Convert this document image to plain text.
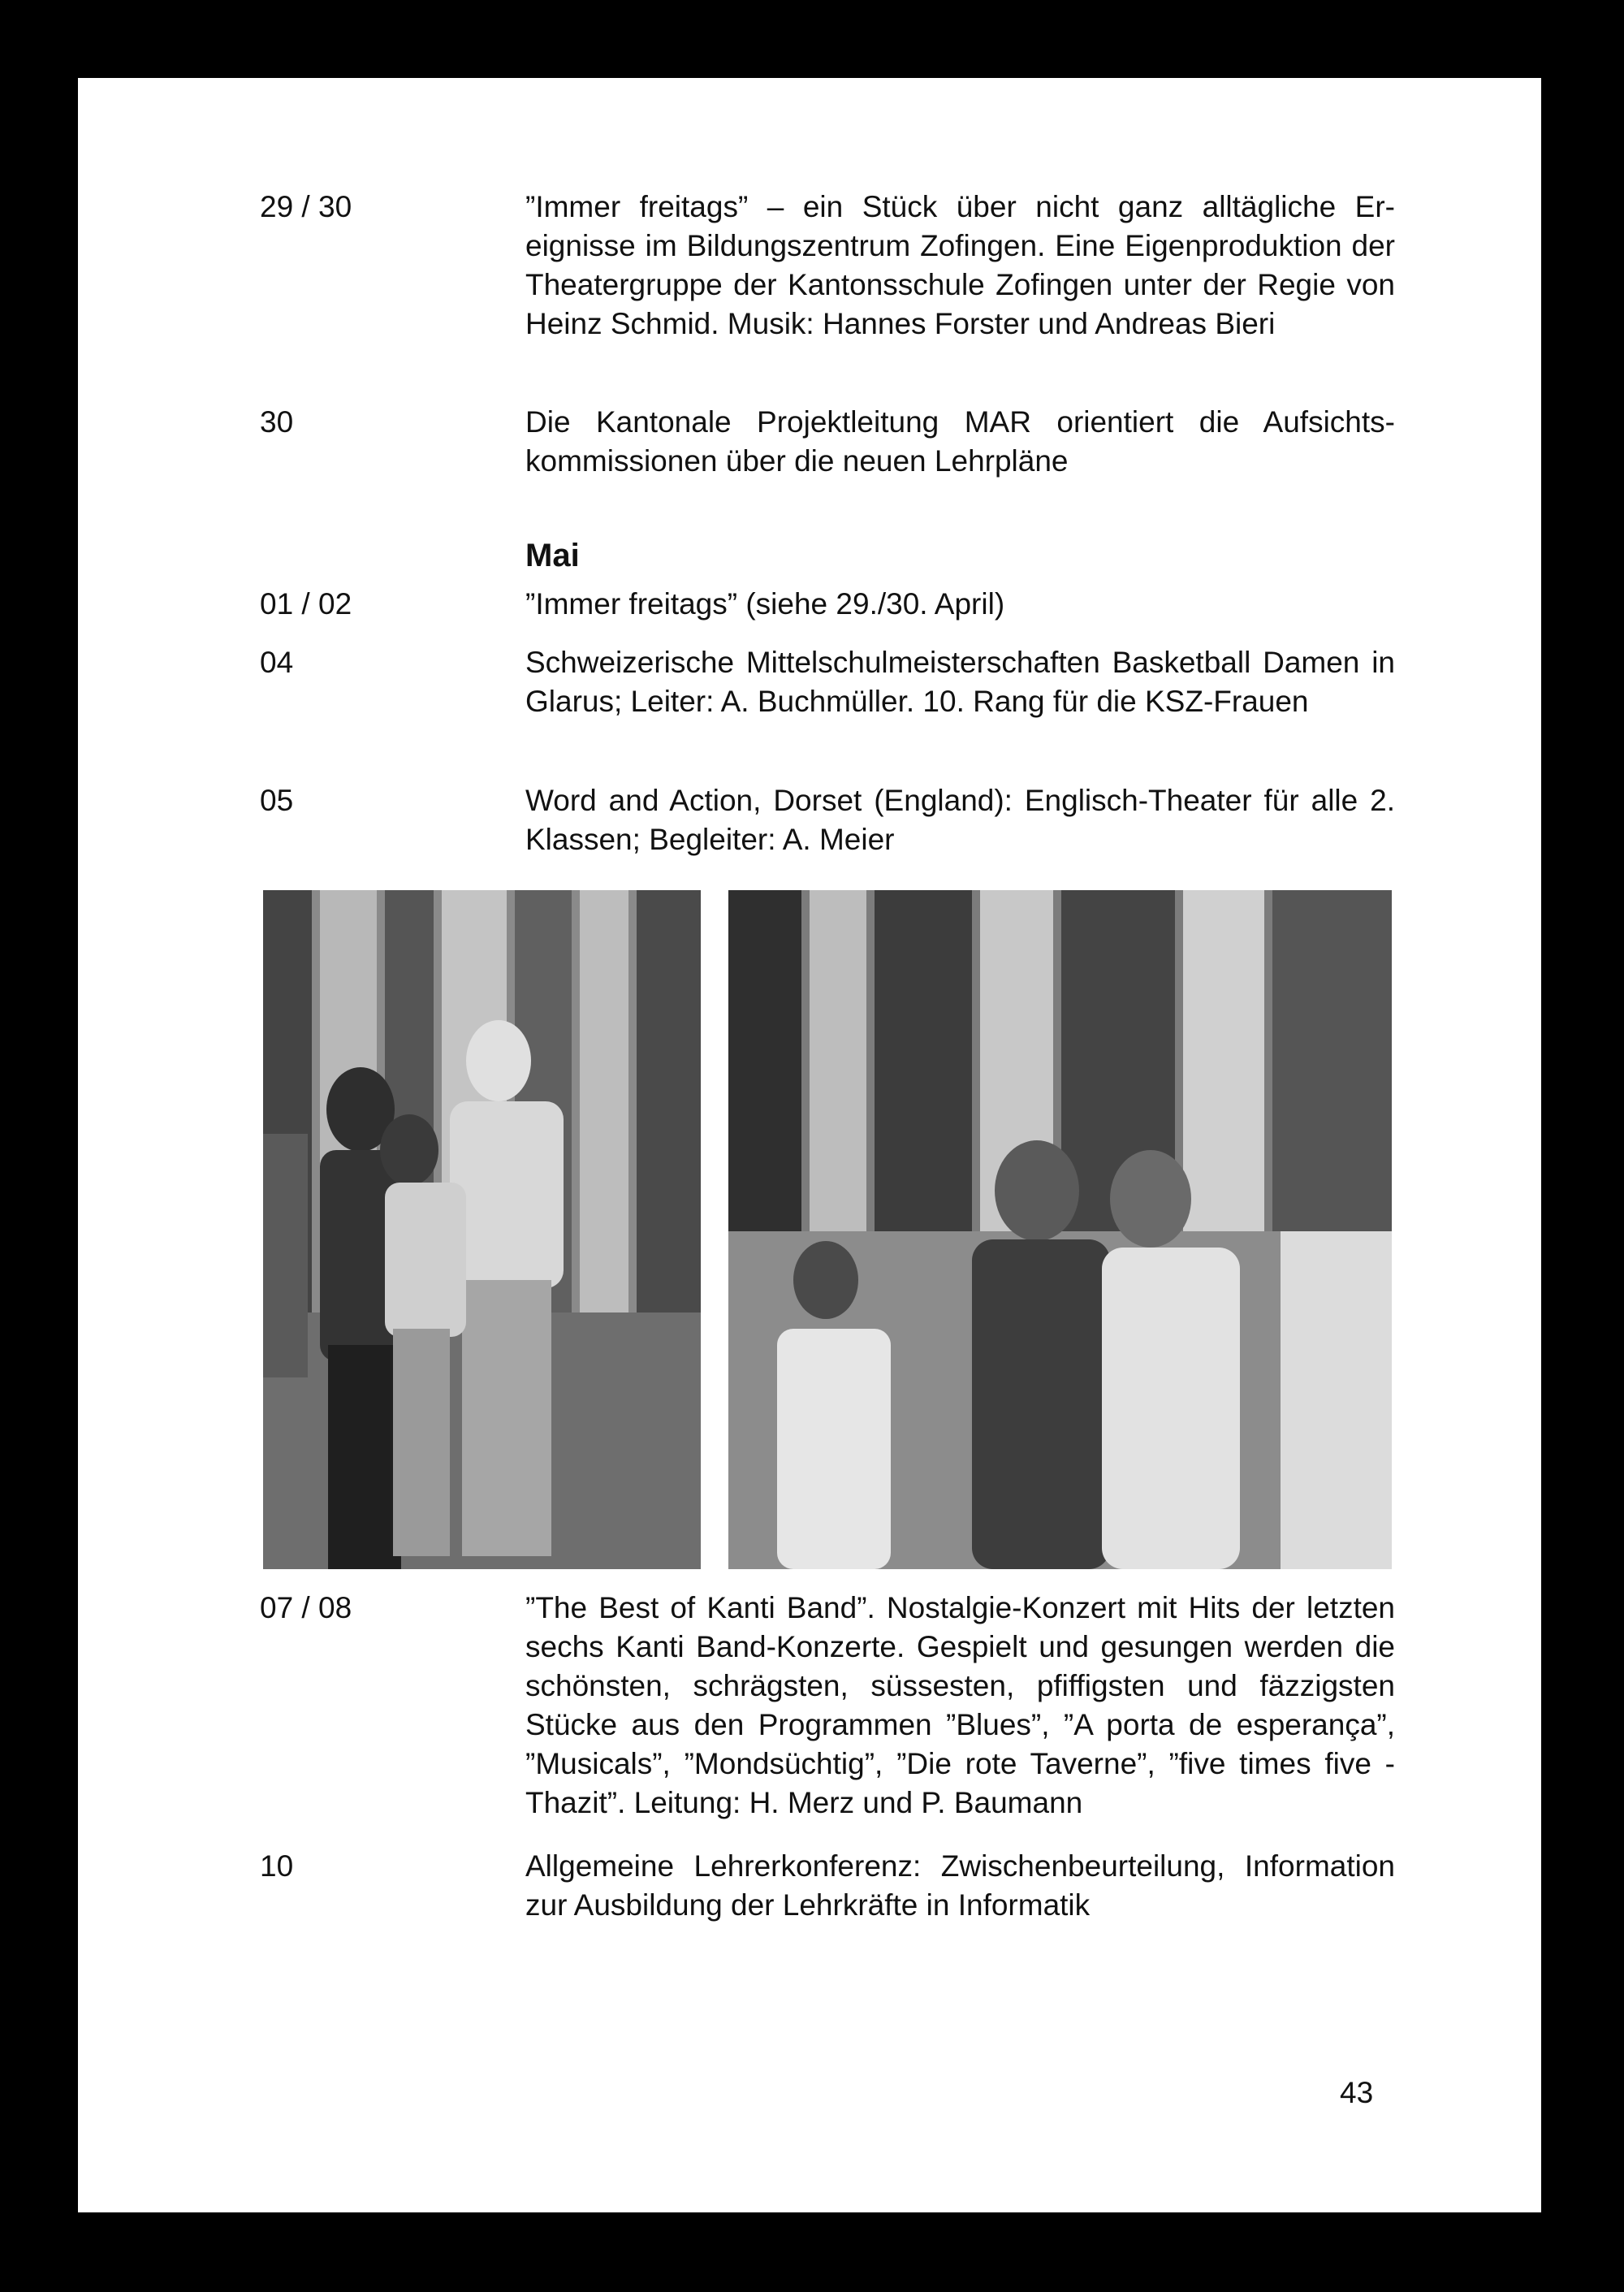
29 / 30	”Immer freitags” – ein Stück über nicht ganz alltägliche Ereignisse im Bildungszentrum Zofingen. Eine Eigenproduktion der Theatergruppe der Kantonsschule Zofingen unter der Regie von Heinz Schmid. Musik: Hannes Forster und Andreas Bieri
30	Die Kantonale Projektleitung MAR orientiert die Aufsichtskommissionen über die neuen Lehrpläne
Mai
01 / 02	”Immer freitags” (siehe 29./30. April)
04	Schweizerische Mittelschulmeisterschaften Basketball Damen in Glarus; Leiter: A. Buchmüller. 10. Rang für die KSZ-Frauen
05	Word and Action, Dorset (England): Englisch-Theater für alle 2. Klassen; Begleiter: A. Meier
07 / 08	”The Best of Kanti Band”. Nostalgie-Konzert mit Hits der letzten sechs Kanti Band-Konzerte. Gespielt und gesungen werden die schönsten, schrägsten, süssesten, pfiffigsten und fäzzigsten Stücke aus den Programmen ”Blues”, ”A porta de esperança”, ”Musicals”, ”Mondsüchtig”, ”Die rote Taverne”, ”five times five - Thazit”. Leitung: H. Merz und P. Baumann
10	Allgemeine Lehrerkonferenz: Zwischenbeurteilung, Information zur Ausbildung der Lehrkräfte in Informatik
43
